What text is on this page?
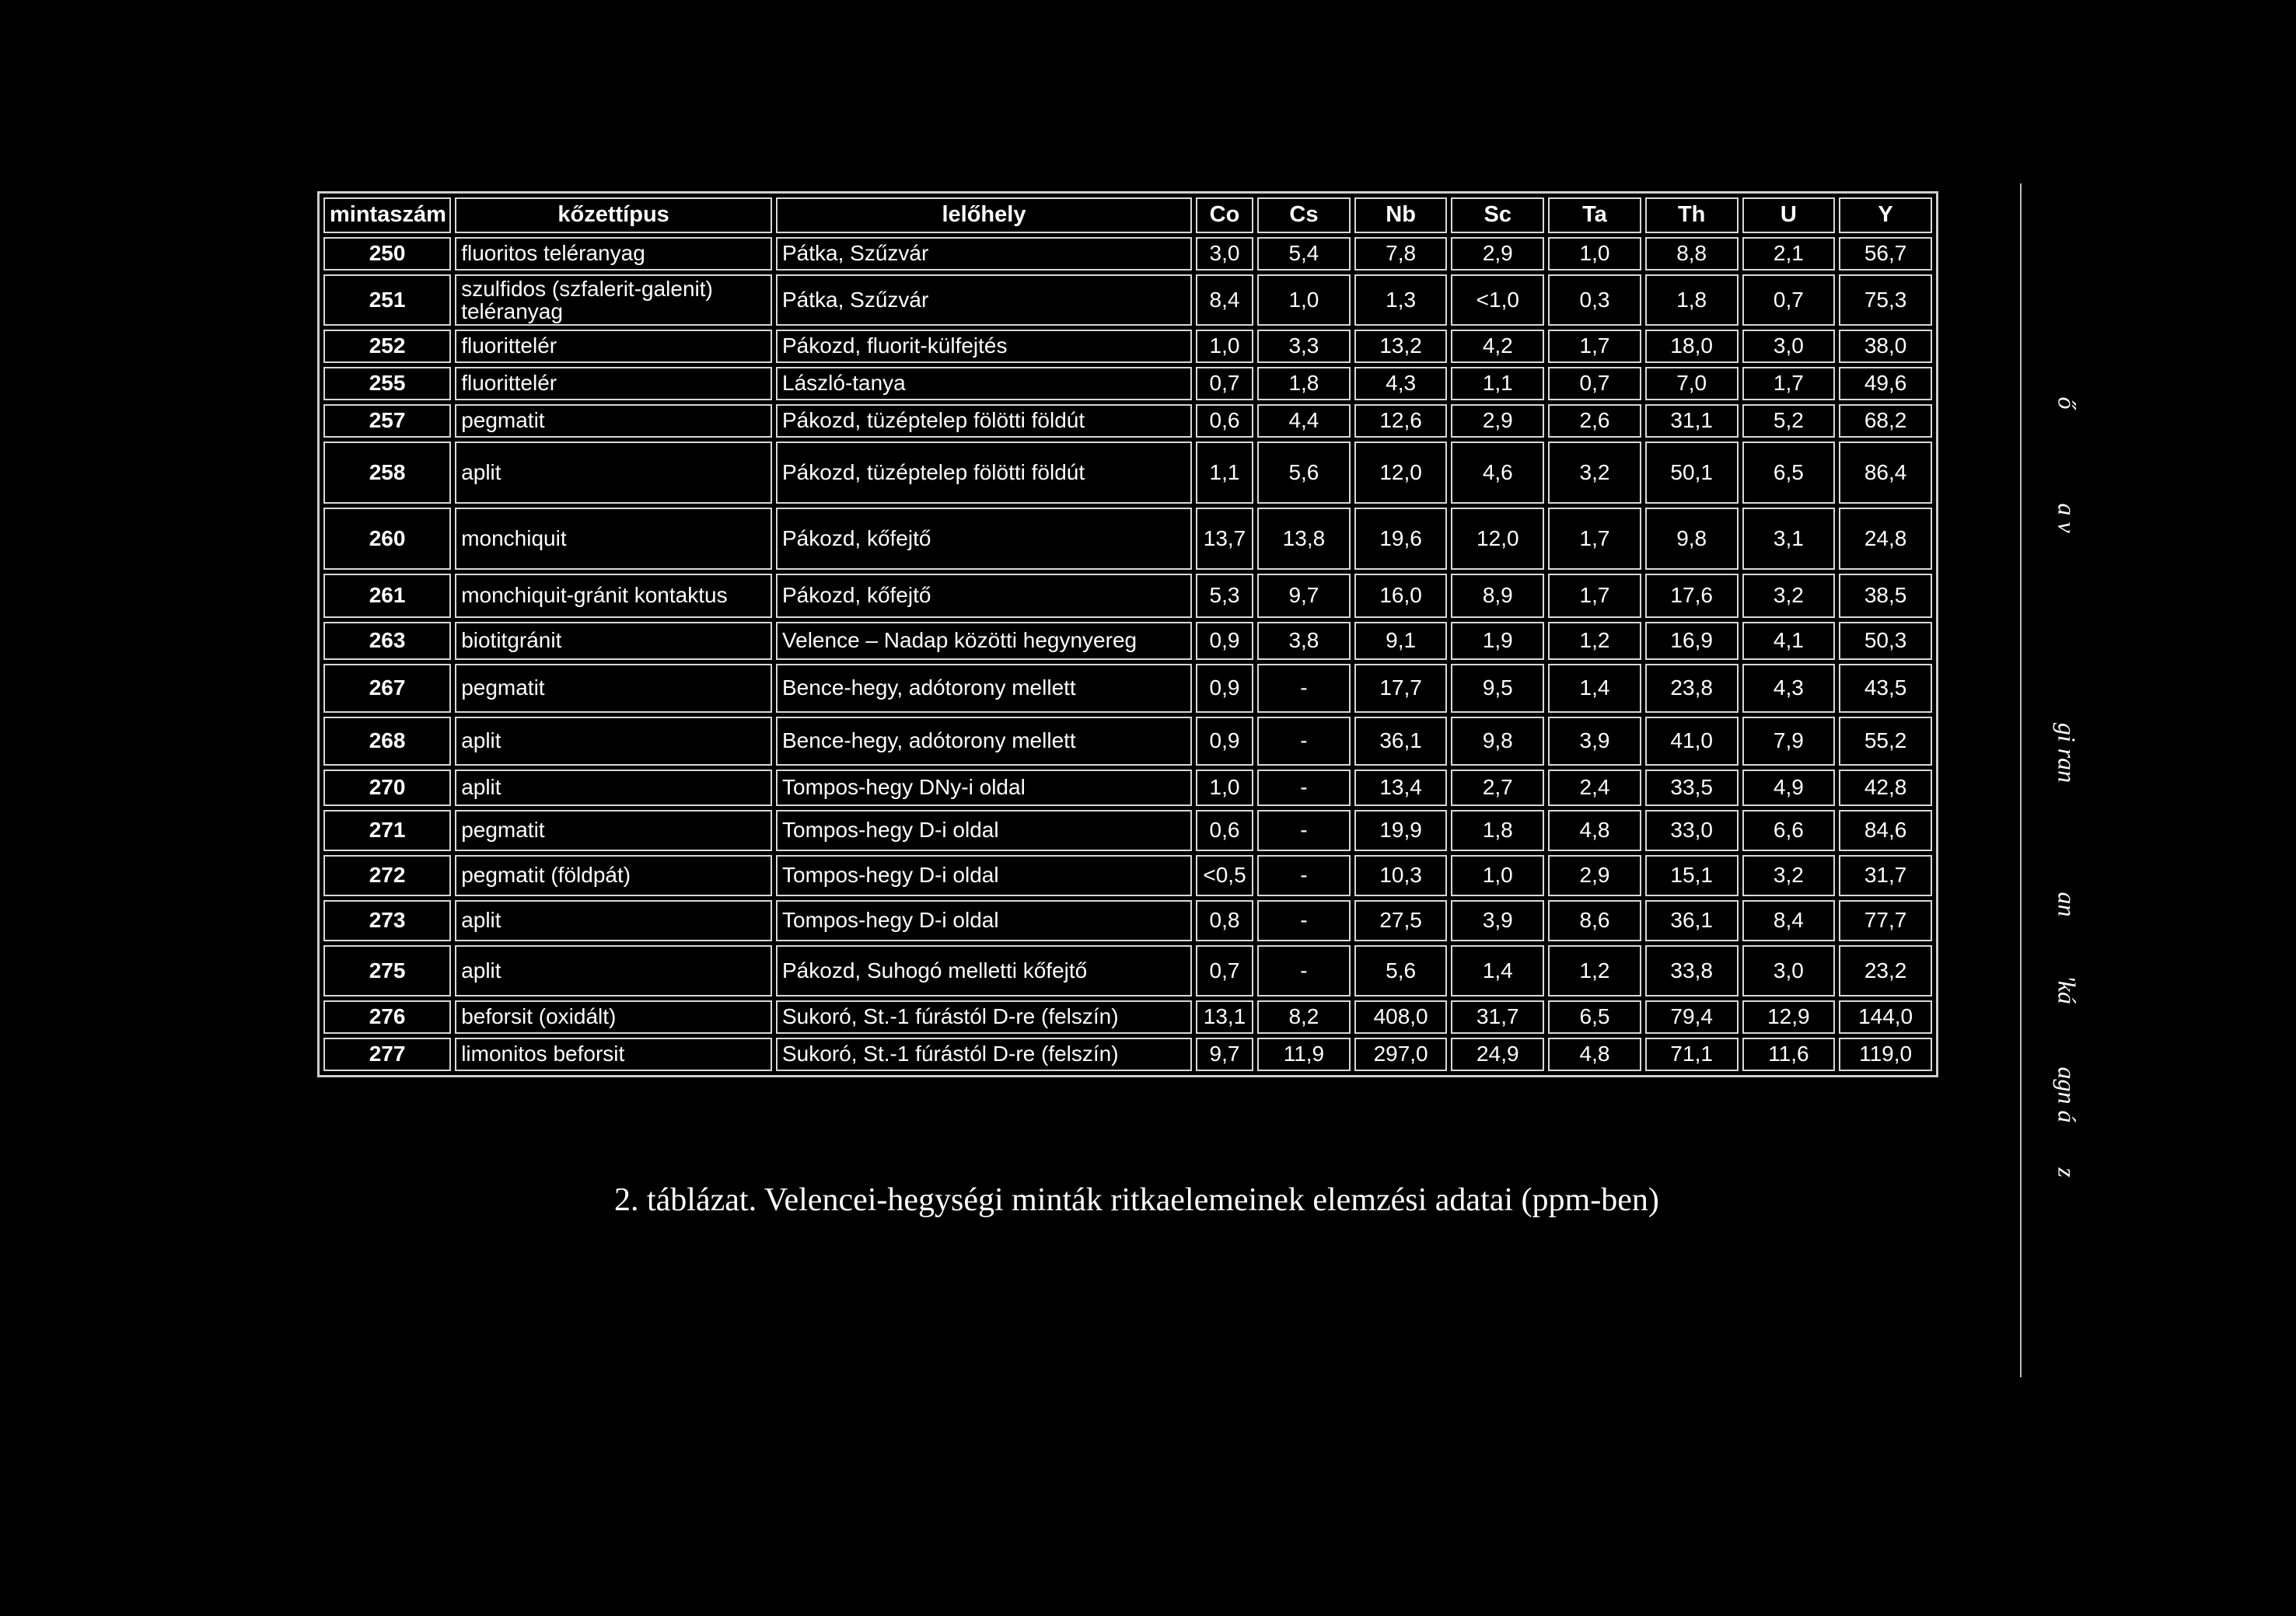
mintaszám	kőzettípus	lelőhely	Co	Cs	Nb	Sc	Ta	Th	U	Y
250	fluoritos teléranyag	Pátka, Szűzvár	3,0	5,4	7,8	2,9	1,0	8,8	2,1	56,7
251	szulfidos (szfalerit-galenit) teléranyag	Pátka, Szűzvár	8,4	1,0	1,3	<1,0	0,3	1,8	0,7	75,3
252	fluorittelér	Pákozd, fluorit-külfejtés	1,0	3,3	13,2	4,2	1,7	18,0	3,0	38,0
255	fluorittelér	László-tanya	0,7	1,8	4,3	1,1	0,7	7,0	1,7	49,6
257	pegmatit	Pákozd, tüzéptelep fölötti földút	0,6	4,4	12,6	2,9	2,6	31,1	5,2	68,2
258	aplit	Pákozd, tüzéptelep fölötti földút	1,1	5,6	12,0	4,6	3,2	50,1	6,5	86,4
260	monchiquit	Pákozd, kőfejtő	13,7	13,8	19,6	12,0	1,7	9,8	3,1	24,8
261	monchiquit-gránit kontaktus	Pákozd, kőfejtő	5,3	9,7	16,0	8,9	1,7	17,6	3,2	38,5
263	biotitgránit	Velence – Nadap közötti hegynyereg	0,9	3,8	9,1	1,9	1,2	16,9	4,1	50,3
267	pegmatit	Bence-hegy, adótorony mellett	0,9	-	17,7	9,5	1,4	23,8	4,3	43,5
268	aplit	Bence-hegy, adótorony mellett	0,9	-	36,1	9,8	3,9	41,0	7,9	55,2
270	aplit	Tompos-hegy DNy-i oldal	1,0	-	13,4	2,7	2,4	33,5	4,9	42,8
271	pegmatit	Tompos-hegy D-i oldal	0,6	-	19,9	1,8	4,8	33,0	6,6	84,6
272	pegmatit (földpát)	Tompos-hegy D-i oldal	<0,5	-	10,3	1,0	2,9	15,1	3,2	31,7
273	aplit	Tompos-hegy D-i oldal	0,8	-	27,5	3,9	8,6	36,1	8,4	77,7
275	aplit	Pákozd, Suhogó melletti kőfejtő	0,7	-	5,6	1,4	1,2	33,8	3,0	23,2
276	beforsit (oxidált)	Sukoró, St.-1 fúrástól D-re (felszín)	13,1	8,2	408,0	31,7	6,5	79,4	12,9	144,0
277	limonitos beforsit	Sukoró, St.-1 fúrástól D-re (felszín)	9,7	11,9	297,0	24,9	4,8	71,1	11,6	119,0
2. táblázat. Velencei-hegységi minták ritkaelemeinek elemzési adatai (ppm-ben)
ő
a v
gi ran
an
'ká
agn á
z
